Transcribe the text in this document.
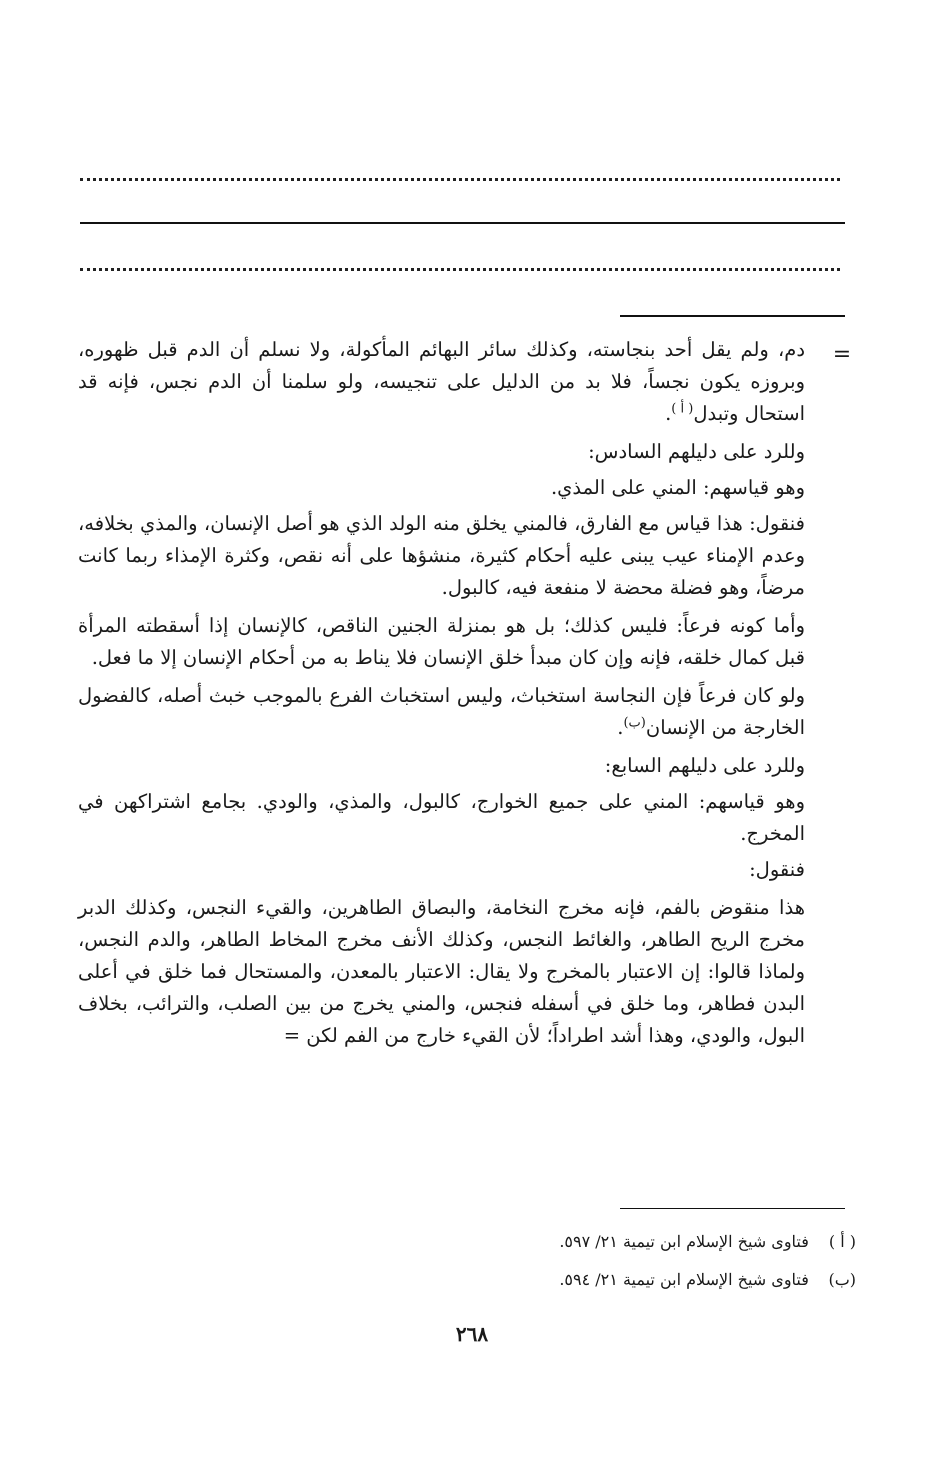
=

دم، ولم يقل أحد بنجاسته، وكذلك سائر البهائم المأكولة، ولا نسلم أن الدم قبل ظهوره، وبروزه يكون نجساً، فلا بد من الدليل على تنجيسه، ولو سلمنا أن الدم نجس، فإنه قد استحال وتبدل$^{( أ )}$.

وللرد على دليلهم السادس:

وهو قياسهم: المني على المذي.

فنقول: هذا قياس مع الفارق، فالمني يخلق منه الولد الذي هو أصل الإنسان، والمذي بخلافه، وعدم الإمناء عيب يبنى عليه أحكام كثيرة، منشؤها على أنه نقص، وكثرة الإمذاء ربما كانت مرضاً، وهو فضلة محضة لا منفعة فيه، كالبول.

وأما كونه فرعاً: فليس كذلك؛ بل هو بمنزلة الجنين الناقص، كالإنسان إذا أسقطته المرأة قبل كمال خلقه، فإنه وإن كان مبدأ خلق الإنسان فلا يناط به من أحكام الإنسان إلا ما فعل.

ولو كان فرعاً فإن النجاسة استخباث، وليس استخباث الفرع بالموجب خبث أصله، كالفضول الخارجة من الإنسان$^{(ب)}$.

وللرد على دليلهم السابع:

وهو قياسهم: المني على جميع الخوارج، كالبول، والمذي، والودي. بجامع اشتراكهن في المخرج.

فنقول:

هذا منقوض بالفم، فإنه مخرج النخامة، والبصاق الطاهرين، والقيء النجس، وكذلك الدبر مخرج الريح الطاهر، والغائط النجس، وكذلك الأنف مخرج المخاط الطاهر، والدم النجس، ولماذا قالوا: إن الاعتبار بالمخرج ولا يقال: الاعتبار بالمعدن، والمستحال فما خلق في أعلى البدن فطاهر، وما خلق في أسفله فنجس، والمني يخرج من بين الصلب، والترائب، بخلاف البول، والودي، وهذا أشد اطراداً؛ لأن القيء خارج من الفم لكن =

( أ ) فتاوى شيخ الإسلام ابن تيمية ٢١/ ٥٩٧.
(ب) فتاوى شيخ الإسلام ابن تيمية ٢١/ ٥٩٤.
٢٦٨
